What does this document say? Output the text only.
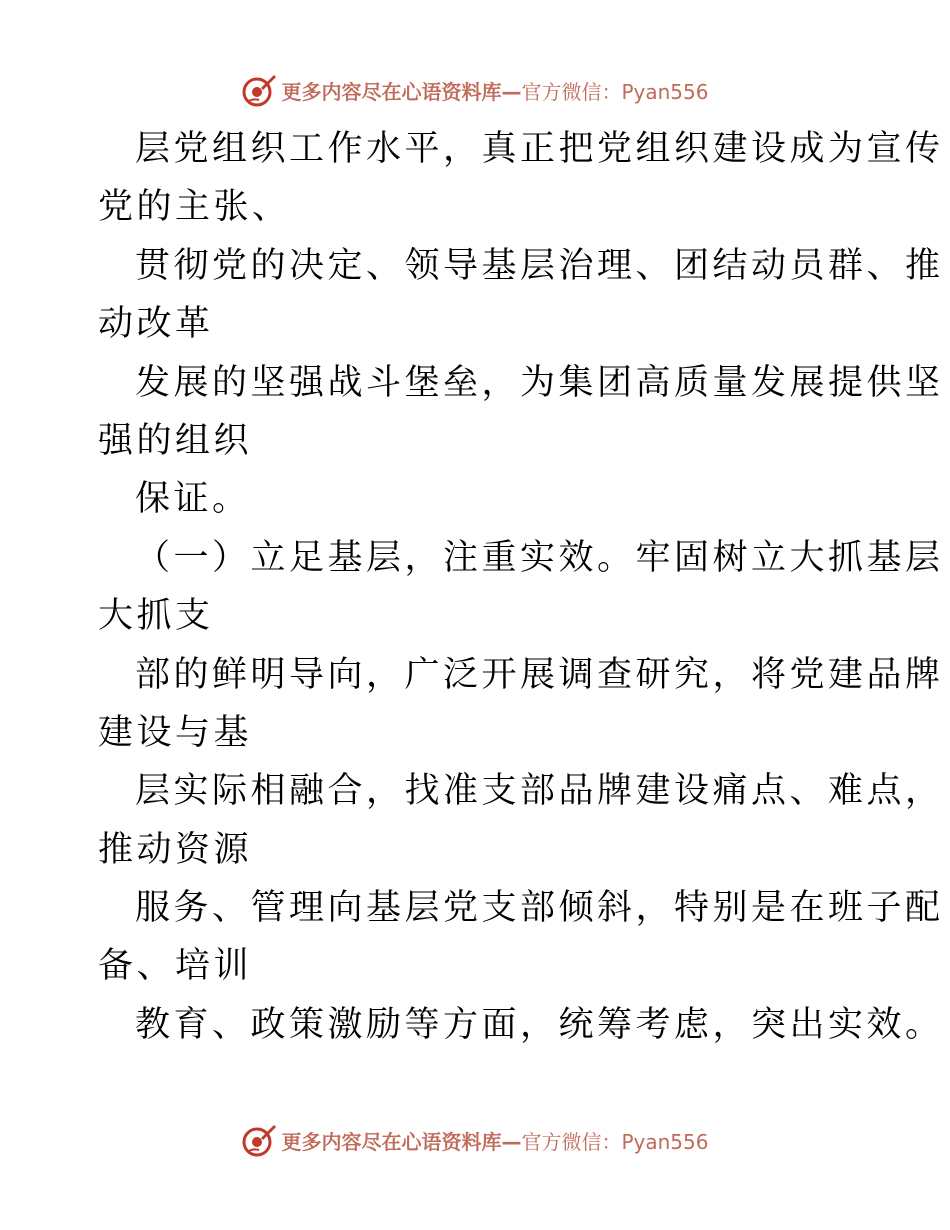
更多内容尽在心语资料库—官方微信：Pyan556

层党组织工作水平，真正把党组织建设成为宣传

党的主张、

贯彻党的决定、领导基层治理、团结动员群、推

动改革

发展的坚强战斗堡垒，为集团高质量发展提供坚

强的组织

保证。

（一）立足基层，注重实效。牢固树立大抓基层

大抓支

部的鲜明导向，广泛开展调查研究，将党建品牌

建设与基

层实际相融合，找准支部品牌建设痛点、难点，

推动资源

服务、管理向基层党支部倾斜，特别是在班子配

备、培训

教育、政策激励等方面，统筹考虑，突出实效。

更多内容尽在心语资料库—官方微信：Pyan556
